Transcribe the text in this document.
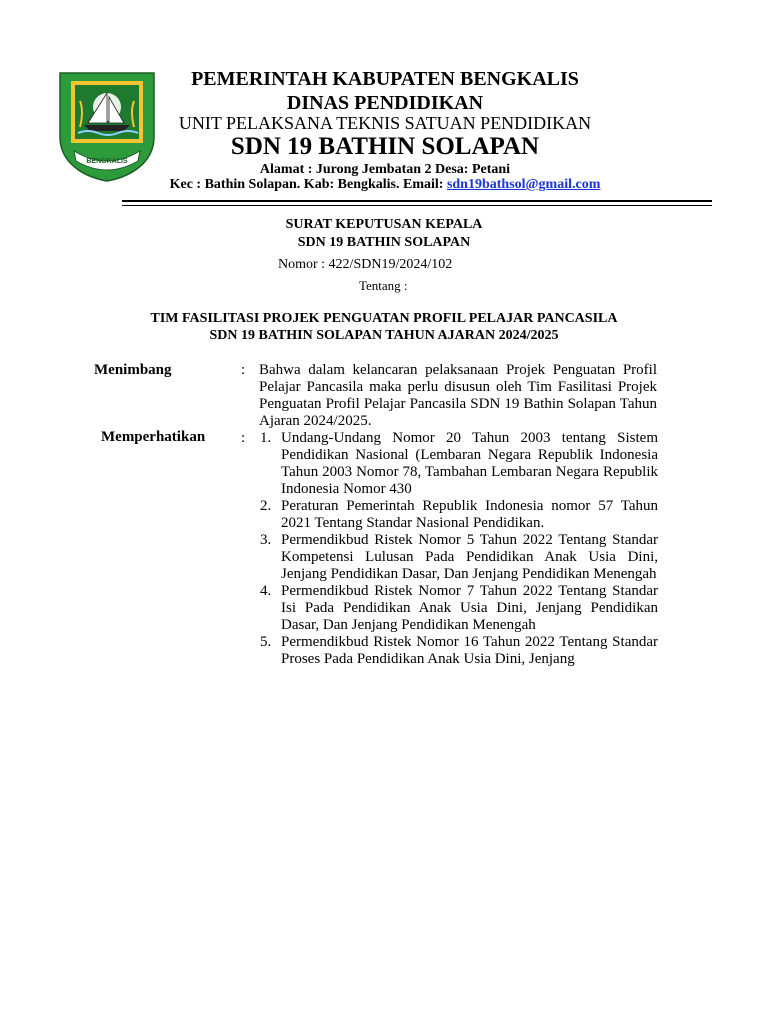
BENGKALIS
PEMERINTAH KABUPATEN BENGKALIS
DINAS PENDIDIKAN
UNIT PELAKSANA TEKNIS SATUAN PENDIDIKAN
SDN 19 BATHIN SOLAPAN
Alamat : Jurong Jembatan 2 Desa: Petani
Kec : Bathin Solapan. Kab: Bengkalis. Email: sdn19bathsol@gmail.com
SURAT KEPUTUSAN KEPALA
SDN 19 BATHIN SOLAPAN
Nomor : 422/SDN19/2024/102
Tentang :
TIM FASILITASI PROJEK PENGUATAN PROFIL PELAJAR PANCASILA
SDN 19 BATHIN SOLAPAN TAHUN AJARAN 2024/2025
Menimbang	: Bahwa dalam kelancaran pelaksanaan Projek Penguatan Profil Pelajar Pancasila maka perlu disusun oleh Tim Fasilitasi Projek Penguatan Profil Pelajar Pancasila SDN 19 Bathin Solapan Tahun Ajaran 2024/2025.
Memperhatikan : 1. Undang-Undang Nomor 20 Tahun 2003 tentang Sistem Pendidikan Nasional (Lembaran Negara Republik Indonesia Tahun 2003 Nomor 78, Tambahan Lembaran Negara Republik Indonesia Nomor 430
2. Peraturan Pemerintah Republik Indonesia nomor 57 Tahun 2021 Tentang Standar Nasional Pendidikan.
3. Permendikbud Ristek Nomor 5 Tahun 2022 Tentang Standar Kompetensi Lulusan Pada Pendidikan Anak Usia Dini, Jenjang Pendidikan Dasar, Dan Jenjang Pendidikan Menengah
4. Permendikbud Ristek Nomor 7 Tahun 2022 Tentang Standar Isi Pada Pendidikan Anak Usia Dini, Jenjang Pendidikan Dasar, Dan Jenjang Pendidikan Menengah
5. Permendikbud Ristek Nomor 16 Tahun 2022 Tentang Standar Proses Pada Pendidikan Anak Usia Dini, Jenjang
